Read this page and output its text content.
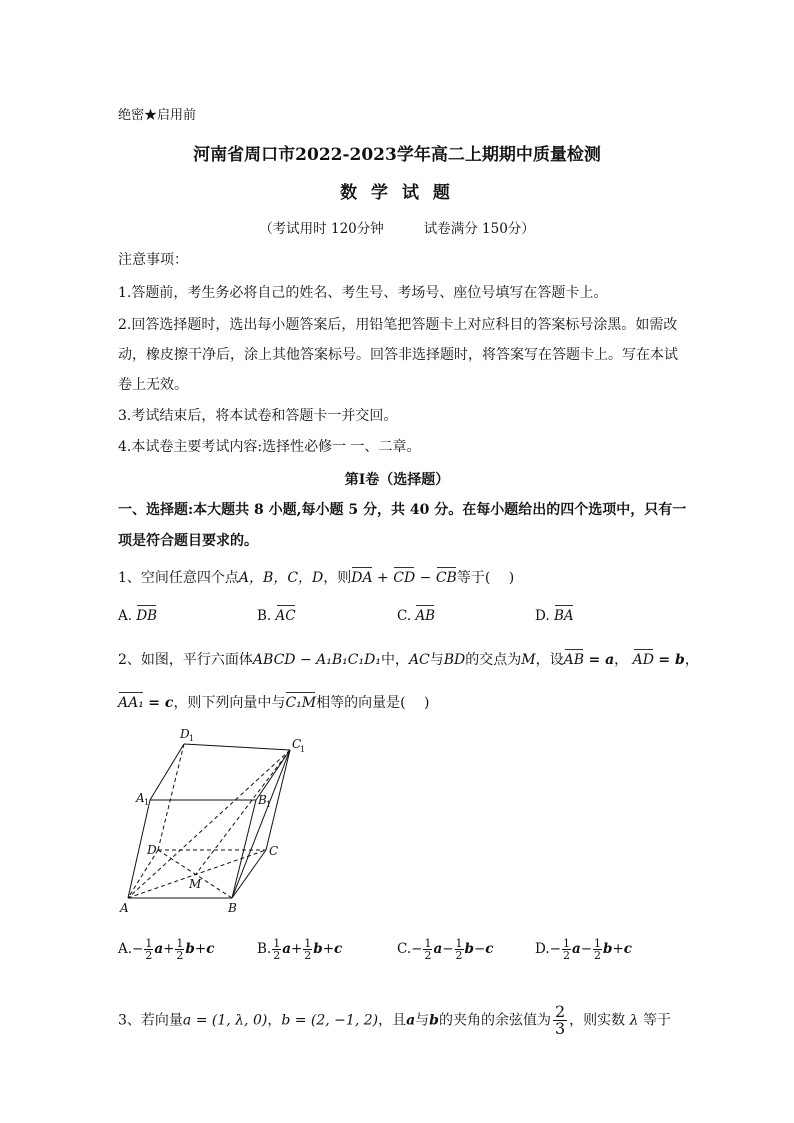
绝密★启用前
河南省周口市2022-2023学年高二上期期中质量检测
数 学 试 题
（考试用时 120分钟	试卷满分 150分）
注意事项：
1.答题前，考生务必将自己的姓名、考生号、考场号、座位号填写在答题卡上。
2.回答选择题时，选出每小题答案后，用铅笔把答题卡上对应科目的答案标号涂黑。如需改
动，橡皮擦干净后，涂上其他答案标号。回答非选择题时，将答案写在答题卡上。写在本试
卷上无效。
3.考试结束后，将本试卷和答题卡一并交回。
4.本试卷主要考试内容:选择性必修一 一、二章。
第Ⅰ卷（选择题）
一、选择题:本大题共 8 小题,每小题 5 分，共 40 分。在每小题给出的四个选项中，只有一
项是符合题目要求的。
1、空间任意四个点A，B，C，D，则DA + CD − CB等于(　 )
A. DB	B. AC	C. AB	D. BA
2、如图，平行六面体ABCD − A₁B₁C₁D₁中，AC与BD的交点为M，设AB = a， AD = b，
AA₁ = c，则下列向量中与C₁M相等的向量是(　 )
D 1	C
1
A 1	B 1
D	C
M
A	B
$A.- \frac{1}{2} a+ \frac{1}{2} b+c$	B. $\frac{1}{2} a+ \frac{1}{2} b+c$	$C.- \frac{1}{2} a- \frac{1}{2} b-c$	$D.- \frac{1}{2} a- \frac{1}{2} b+c$
3、若向量a = (1, λ, 0)，b = (2, −1, 2)，且a与b的夹角的余弦值为 $\frac{2}{3}$ ，则实数 λ 等于
